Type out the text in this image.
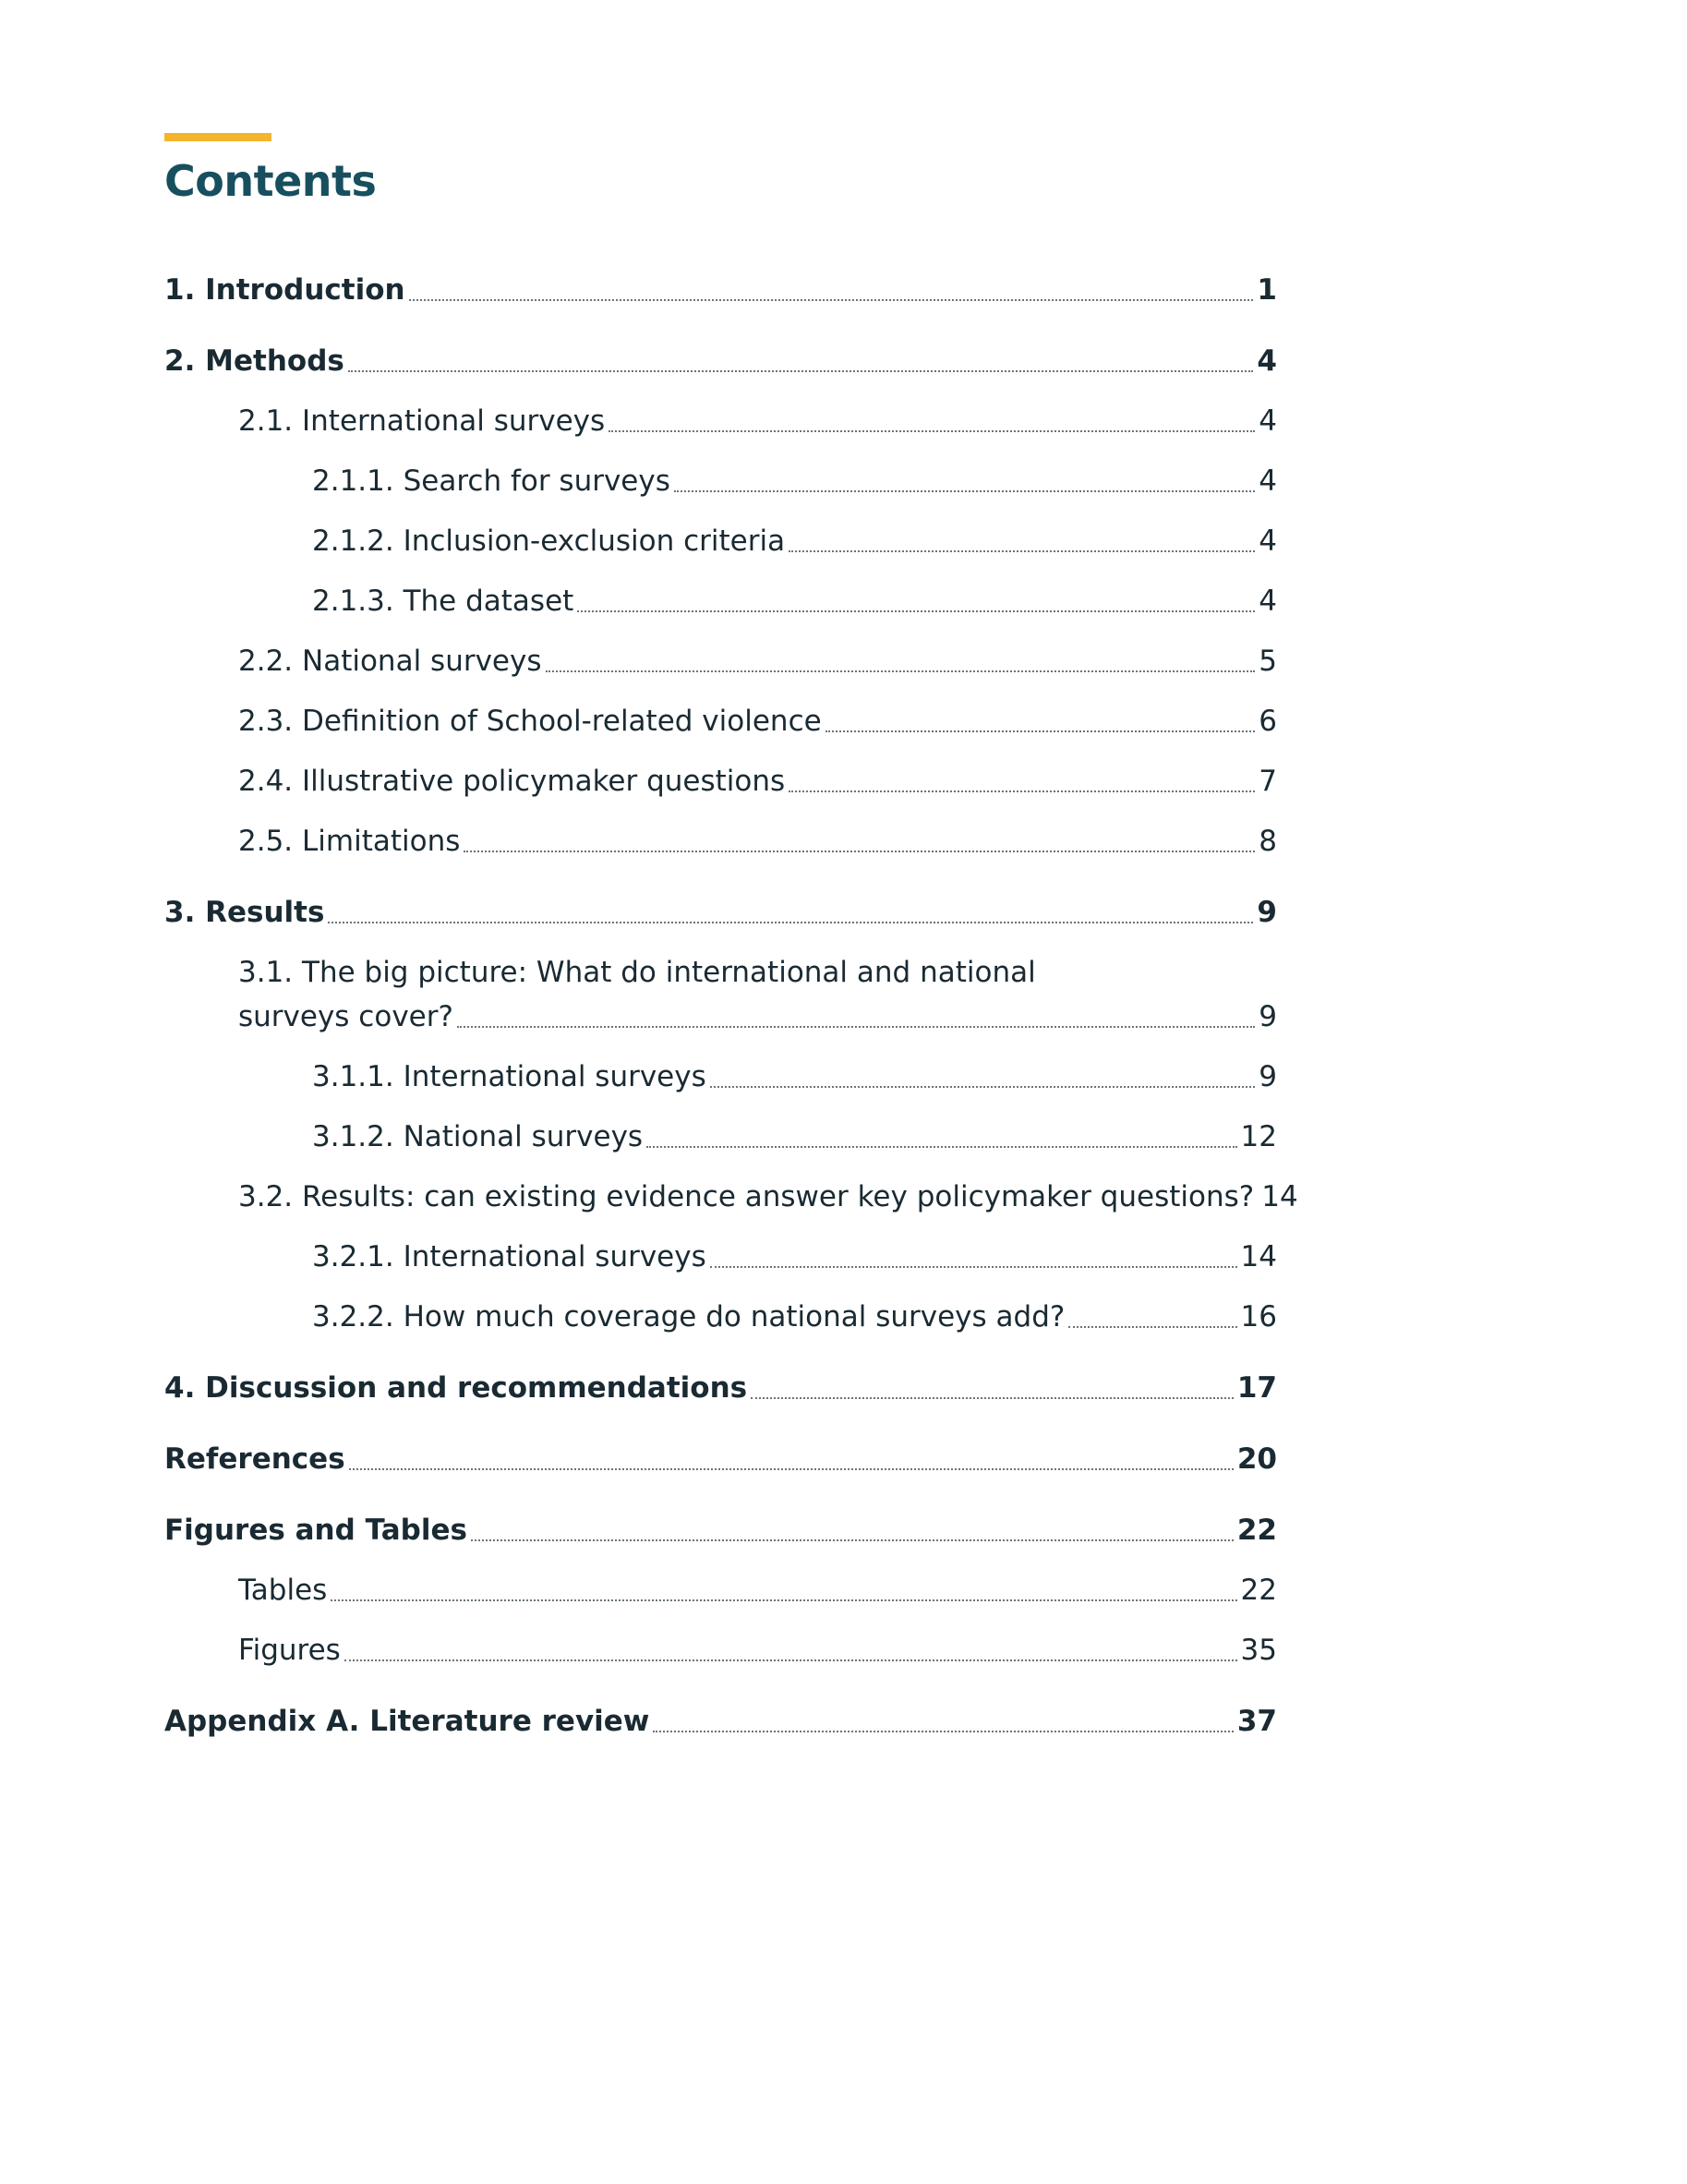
Contents
1. Introduction	1
2. Methods	4
2.1. International surveys	4
2.1.1. Search for surveys	4
2.1.2. Inclusion-exclusion criteria	4
2.1.3. The dataset	4
2.2. National surveys	5
2.3. Definition of School-related violence	6
2.4. Illustrative policymaker questions	7
2.5. Limitations	8
3. Results	9
3.1. The big picture: What do international and national
surveys cover?	9
3.1.1. International surveys	9
3.1.2. National surveys	12
3.2. Results: can existing evidence answer key policymaker questions? 14
3.2.1. International surveys	14
3.2.2. How much coverage do national surveys add?	16
4. Discussion and recommendations	17
References	20
Figures and Tables	22
Tables	22
Figures	35
Appendix A. Literature review	37
